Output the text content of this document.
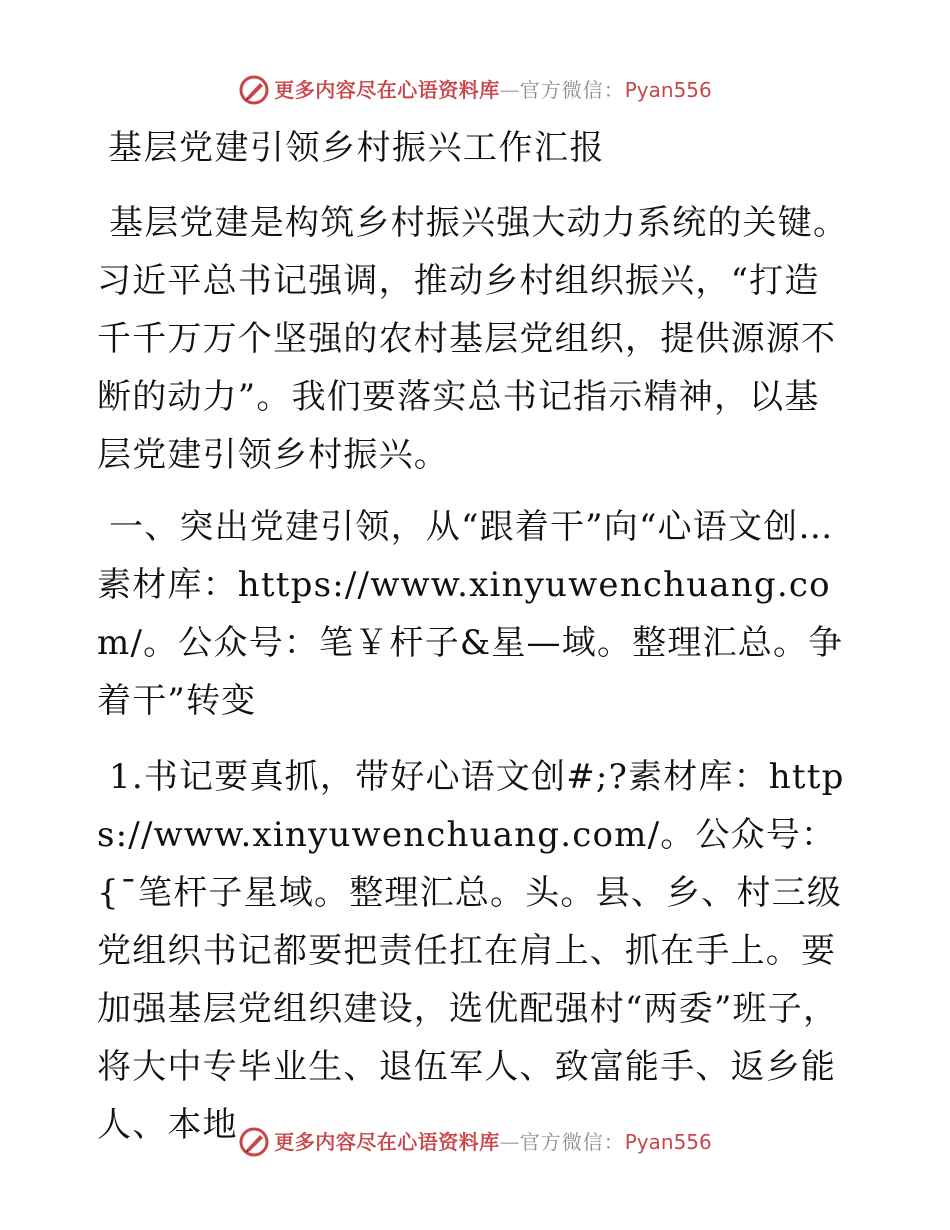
更多内容尽在心语资料库 — 官方微信： Pyan556
基层党建引领乡村振兴工作汇报

基层党建是构筑乡村振兴强大动力系统的关键。习近平总书记强调，推动乡村组织振兴，“打造千千万万个坚强的农村基层党组织，提供源源不断的动力”。我们要落实总书记指示精神，以基层党建引领乡村振兴。

一、突出党建引领，从“跟着干”向“心语文创…素材库：https://www.xinyuwenchuang.com/。公众号：笔￥杆子&星—域。整理汇总。争着干”转变

1.书记要真抓，带好心语文创#;?素材库：https://www.xinyuwenchuang.com/。公众号：{¯笔杆子星域。整理汇总。头。县、乡、村三级党组织书记都要把责任扛在肩上、抓在手上。要加强基层党组织建设，选优配强村“两委”班子，将大中专毕业生、退伍军人、致富能手、返乡能人、本地	更多内容尽在心语资料库 — 官方微信： Pyan556
